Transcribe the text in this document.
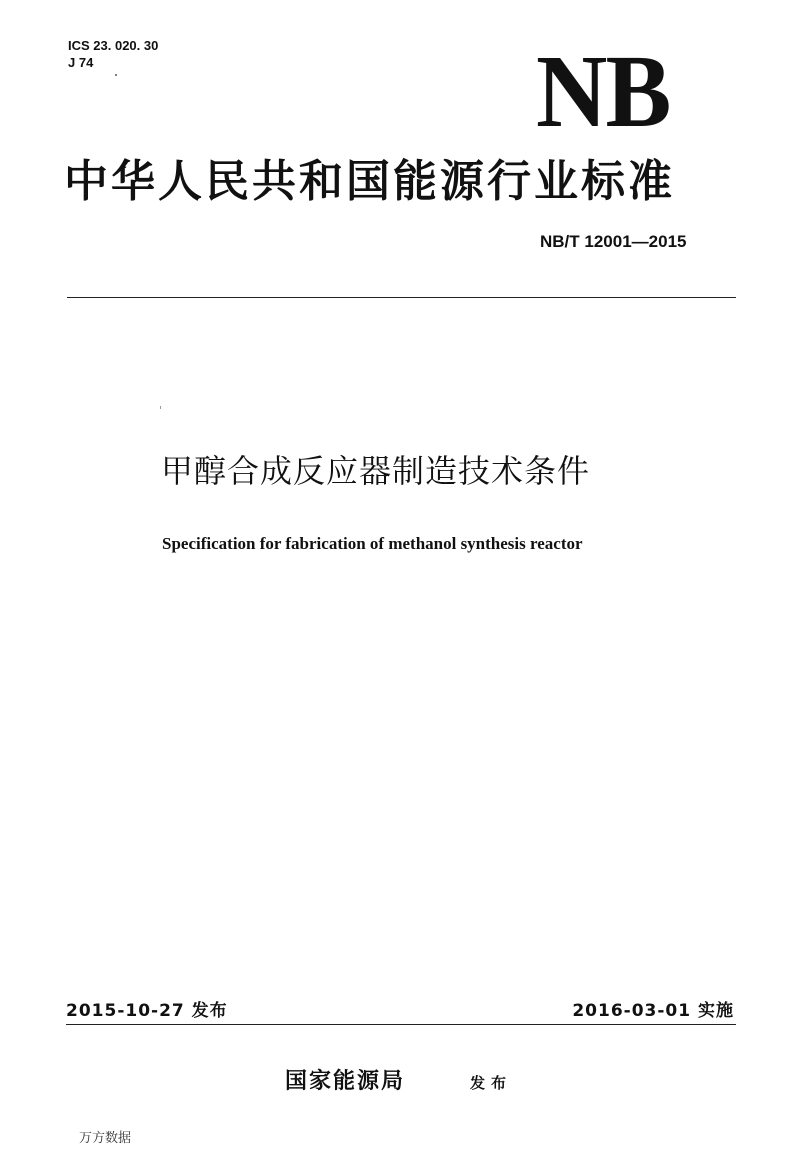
ICS 23. 020. 30
J 74	NB
中华人民共和国能源行业标准
NB/T 12001—2015
甲醇合成反应器制造技术条件
Specification for fabrication of methanol synthesis reactor
2015-10-27 发布	2016-03-01 实施
国家能源局	发布
万方数据
